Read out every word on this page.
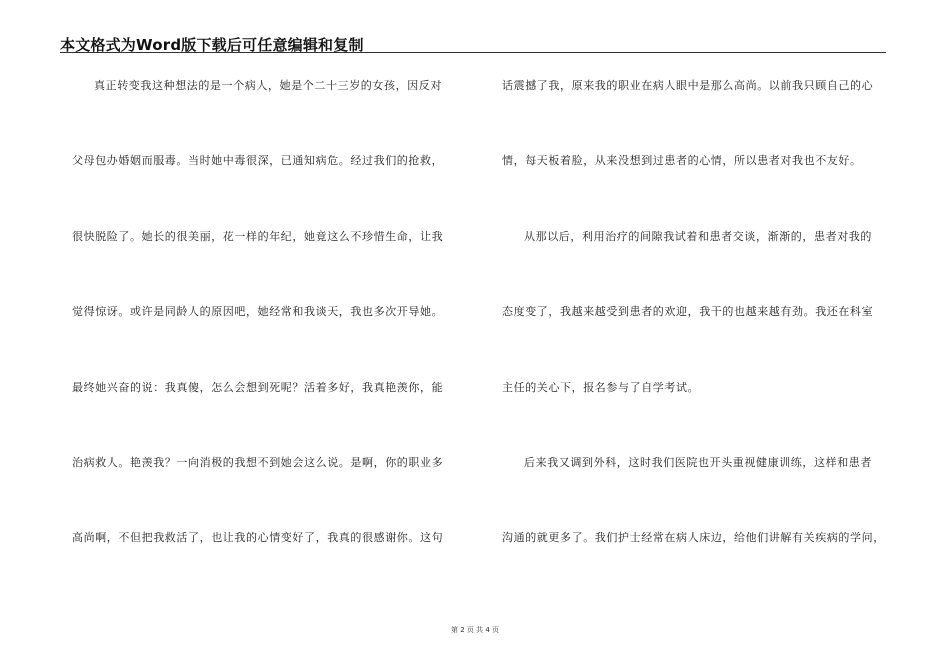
本文格式为Word版下载后可任意编辑和复制
真正转变我这种想法的是一个病人，她是个二十三岁的女孩，因反对
父母包办婚姻而服毒。当时她中毒很深，已通知病危。经过我们的抢救，
很快脱险了。她长的很美丽，花一样的年纪，她竟这么不珍惜生命，让我
觉得惊讶。或许是同龄人的原因吧，她经常和我谈天，我也多次开导她。
最终她兴奋的说：我真傻，怎么会想到死呢？活着多好，我真艳羡你，能
治病救人。艳羡我？一向消极的我想不到她会这么说。是啊，你的职业多
高尚啊，不但把我救活了，也让我的心情变好了，我真的很感谢你。这句
话震撼了我，原来我的职业在病人眼中是那么高尚。以前我只顾自己的心
情，每天板着脸，从来没想到过患者的心情，所以患者对我也不友好。
从那以后，利用治疗的间隙我试着和患者交谈，渐渐的，患者对我的
态度变了，我越来越受到患者的欢迎，我干的也越来越有劲。我还在科室
主任的关心下，报名参与了自学考试。
后来我又调到外科，这时我们医院也开头重视健康训练，这样和患者
沟通的就更多了。我们护士经常在病人床边，给他们讲解有关疾病的学问，
第 2 页 共 4 页
